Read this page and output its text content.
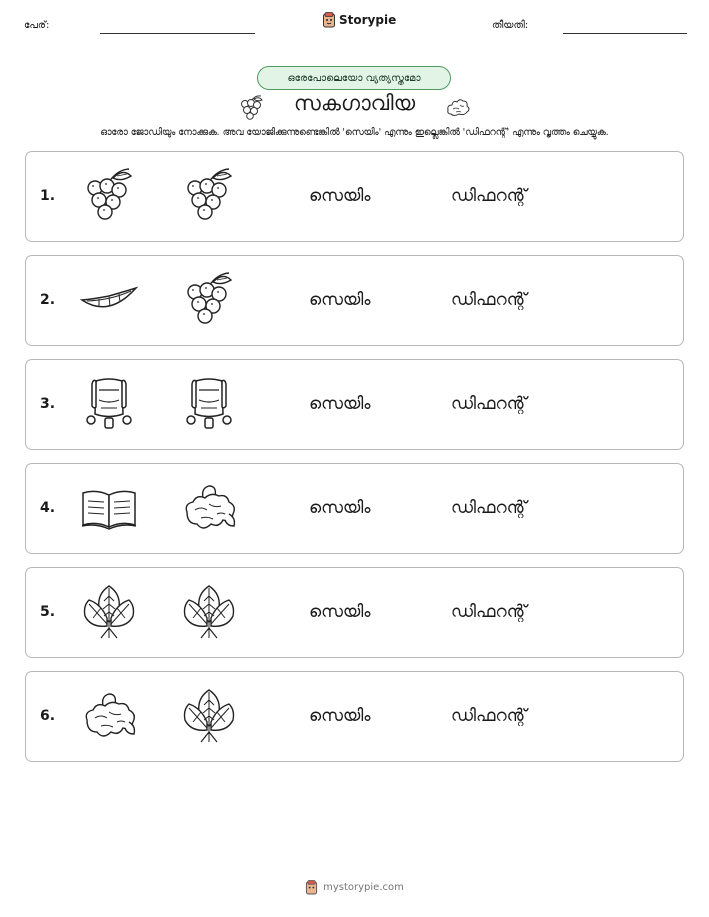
പേര്:	Storypie	തീയതി:
ഒരേപോലെയോ വ്യത്യസ്തമോ
സകഗാവിയ
ഓരോ ജോഡിയും നോക്കുക. അവ യോജിക്കുന്നുണ്ടെങ്കിൽ 'സെയിം' എന്നും ഇല്ലെങ്കിൽ 'ഡിഫറന്റ്' എന്നും വൃത്തം ചെയ്യുക.
1.	സെയിം	ഡിഫറന്റ്
2.	സെയിം	ഡിഫറന്റ്
3.	സെയിം	ഡിഫറന്റ്
4.	സെയിം	ഡിഫറന്റ്
5.	സെയിം	ഡിഫറന്റ്
6.	സെയിം	ഡിഫറന്റ്
mystorypie.com
